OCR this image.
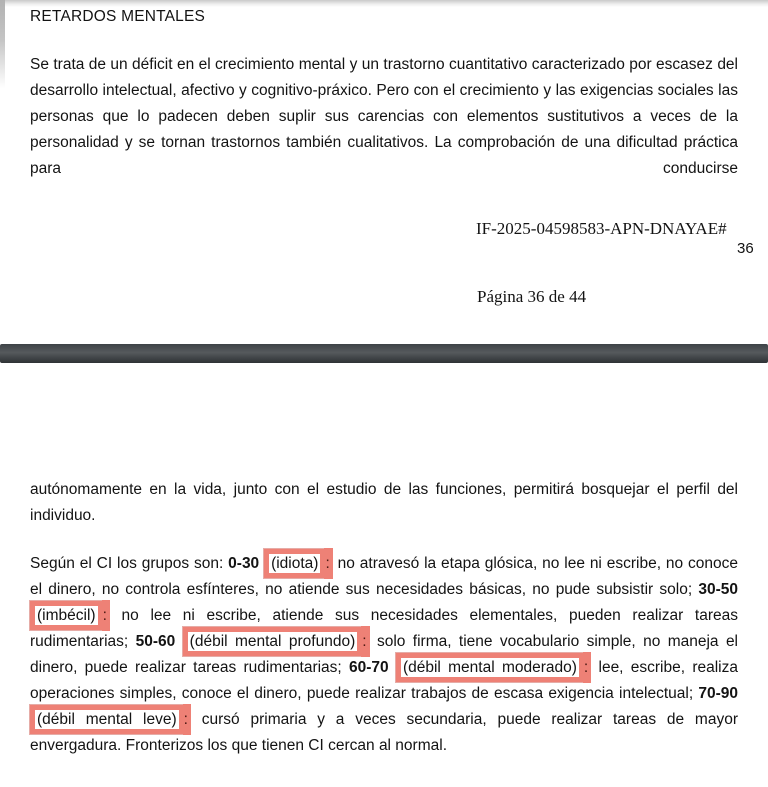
RETARDOS MENTALES

Se trata de un déficit en el crecimiento mental y un trastorno cuantitativo caracterizado por escasez del desarrollo intelectual, afectivo y cognitivo-práxico. Pero con el crecimiento y las exigencias sociales las personas que lo padecen deben suplir sus carencias con elementos sustitutivos a veces de la personalidad y se tornan trastornos también cualitativos. La comprobación de una dificultad práctica para conducirse

IF-2025-04598583-APN-DNAYAE#
36
Página 36 de 44

autónomamente en la vida, junto con el estudio de las funciones, permitirá bosquejar el perfil del individuo.

Según el CI los grupos son: 0-30 (idiota) : no atravesó la etapa glósica, no lee ni escribe, no conoce el dinero, no controla esfínteres, no atiende sus necesidades básicas, no pude subsistir solo; 30-50 (imbécil) : no lee ni escribe, atiende sus necesidades elementales, pueden realizar tareas rudimentarias; 50-60 (débil mental profundo) : solo firma, tiene vocabulario simple, no maneja el dinero, puede realizar tareas rudimentarias; 60-70 (débil mental moderado) : lee, escribe, realiza operaciones simples, conoce el dinero, puede realizar trabajos de escasa exigencia intelectual; 70-90 (débil mental leve) : cursó primaria y a veces secundaria, puede realizar tareas de mayor envergadura. Fronterizos los que tienen CI cercan al normal.
